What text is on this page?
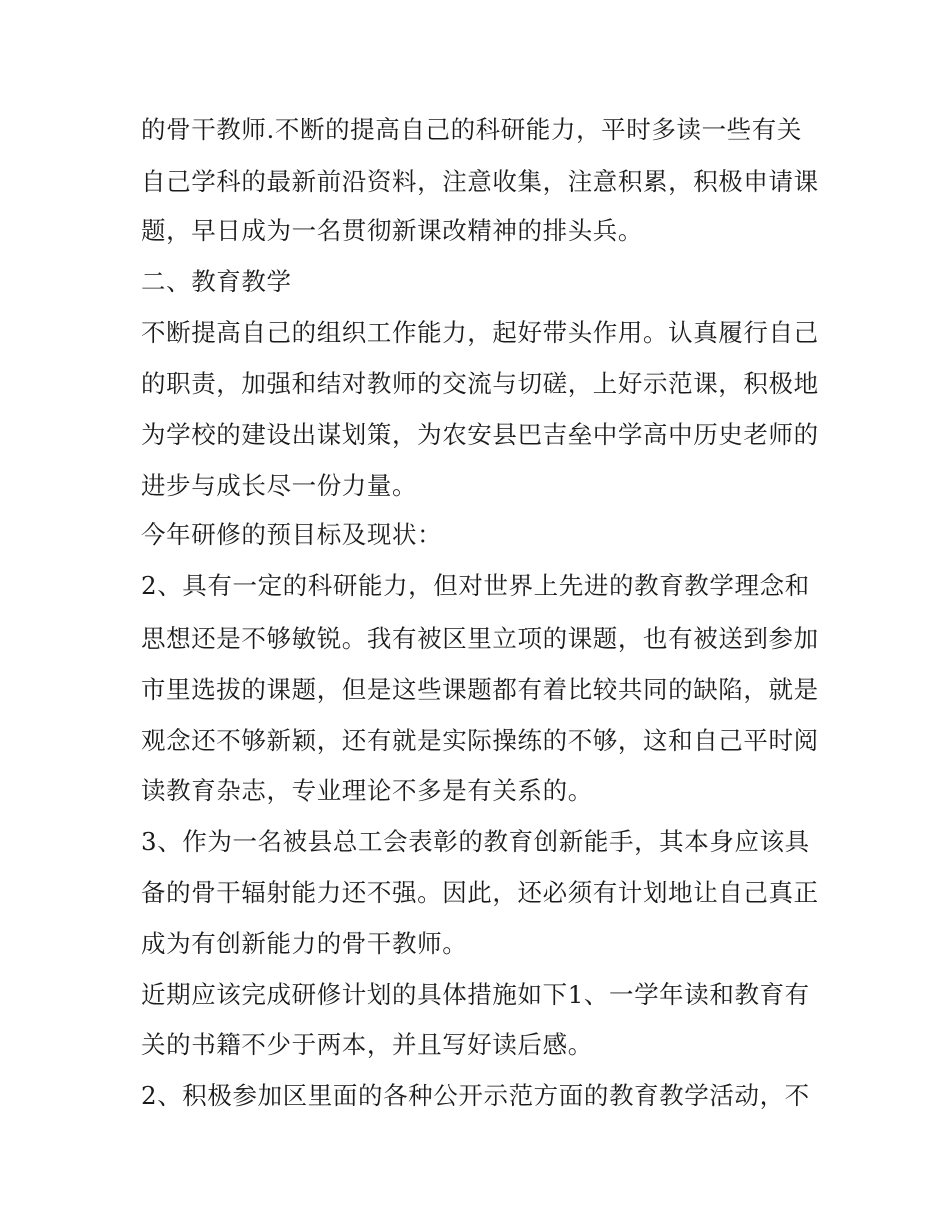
的骨干教师.不断的提高自己的科研能力，平时多读一些有关
自己学科的最新前沿资料，注意收集，注意积累，积极申请课
题，早日成为一名贯彻新课改精神的排头兵。
二、教育教学
不断提高自己的组织工作能力，起好带头作用。认真履行自己
的职责，加强和结对教师的交流与切磋，上好示范课，积极地
为学校的建设出谋划策，为农安县巴吉垒中学高中历史老师的
进步与成长尽一份力量。
今年研修的预目标及现状：
2、具有一定的科研能力，但对世界上先进的教育教学理念和
思想还是不够敏锐。我有被区里立项的课题，也有被送到参加
市里选拔的课题，但是这些课题都有着比较共同的缺陷，就是
观念还不够新颖，还有就是实际操练的不够，这和自己平时阅
读教育杂志，专业理论不多是有关系的。
3、作为一名被县总工会表彰的教育创新能手，其本身应该具
备的骨干辐射能力还不强。因此，还必须有计划地让自己真正
成为有创新能力的骨干教师。
近期应该完成研修计划的具体措施如下1、一学年读和教育有
关的书籍不少于两本，并且写好读后感。
2、积极参加区里面的各种公开示范方面的教育教学活动，不
